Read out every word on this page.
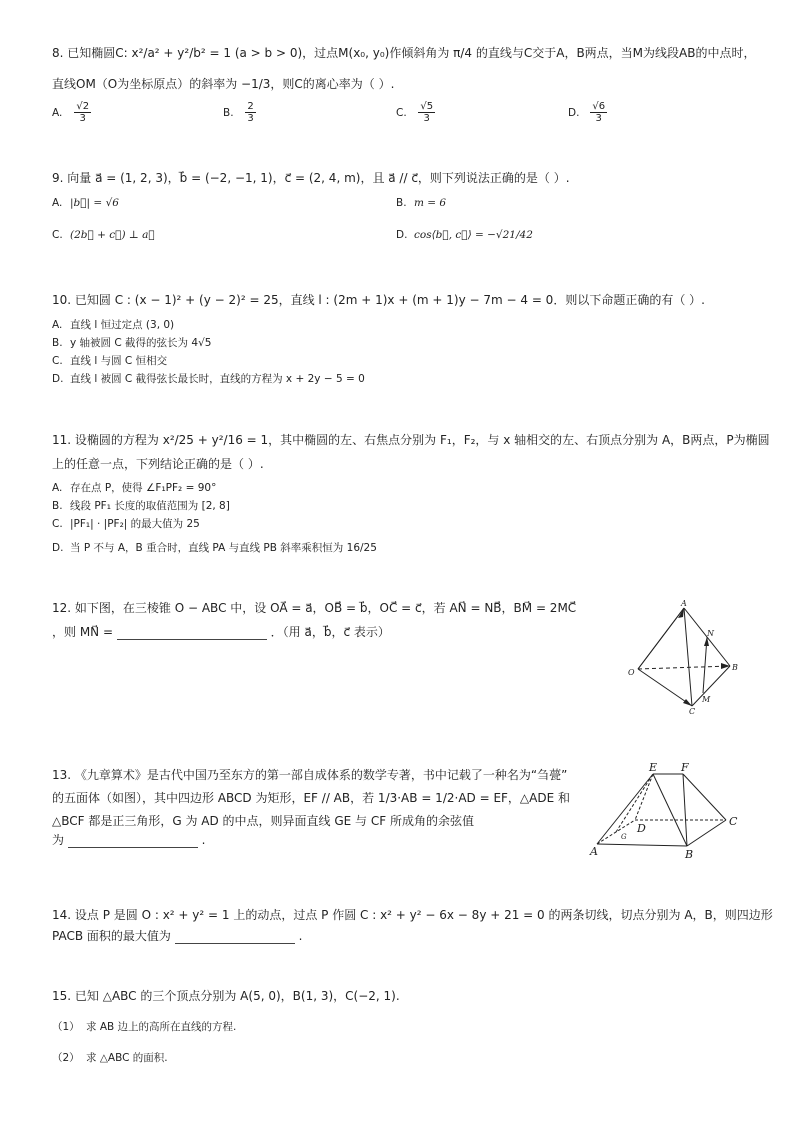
8. 已知椭圆C: x²/a² + y²/b² = 1 (a > b > 0)，过点M(x₀, y₀)作倾斜角为 π/4 的直线与C交于A，B两点，当M为线段AB的中点时，
直线OM（O为坐标原点）的斜率为 −1/3，则C的离心率为（ ）.
A. $\frac{√2}{3}$	B. $\frac{2}{3}$	C. $\frac{√5}{3}$	D. $\frac{√6}{3}$
9. 向量 a⃗ = (1, 2, 3)，b⃗ = (−2, −1, 1)，c⃗ = (2, 4, m)，且 a⃗ // c⃗，则下列说法正确的是（ ）.
A. |b⃗| = √6	B. m = 6
C. (2b⃗ + c⃗) ⊥ a⃗	D. cos⟨b⃗, c⃗⟩ = −√21/42
10. 已知圆 C : (x − 1)² + (y − 2)² = 25，直线 l : (2m + 1)x + (m + 1)y − 7m − 4 = 0．则以下命题正确的有（ ）.
A. 直线 l 恒过定点 (3, 0)
B. y 轴被圆 C 截得的弦长为 4√5
C. 直线 l 与圆 C 恒相交
D. 直线 l 被圆 C 截得弦长最长时，直线的方程为 x + 2y − 5 = 0
11. 设椭圆的方程为 x²/25 + y²/16 = 1，其中椭圆的左、右焦点分别为 F₁，F₂，与 x 轴相交的左、右顶点分别为 A，B两点，P为椭圆
上的任意一点，下列结论正确的是（ ）.
A. 存在点 P，使得 ∠F₁PF₂ = 90°
B. 线段 PF₁ 长度的取值范围为 [2, 8]
C. |PF₁| · |PF₂| 的最大值为 25
D. 当 P 不与 A，B 重合时，直线 PA 与直线 PB 斜率乘积恒为 16/25
12. 如下图，在三棱锥 O − ABC 中，设 OA⃗ = a⃗，OB⃗ = b⃗，OC⃗ = c⃗，若 AN⃗ = NB⃗，BM⃗ = 2MC⃗
，则 MN⃗ =	．（用 a⃗，b⃗，c⃗ 表示）
A
N
O
B
M
C
13. 《九章算术》是古代中国乃至东方的第一部自成体系的数学专著，书中记载了一种名为“刍甍”
的五面体（如图），其中四边形 ABCD 为矩形，EF // AB，若 1/3·AB = 1/2·AD = EF，△ADE 和
△BCF 都是正三角形，G 为 AD 的中点，则异面直线 GE 与 CF 所成角的余弦值
为	.
E F
D
C
G
A	B
14. 设点 P 是圆 O : x² + y² = 1 上的动点，过点 P 作圆 C : x² + y² − 6x − 8y + 21 = 0 的两条切线，切点分别为 A，B，则四边形
PACB 面积的最大值为	.
15. 已知 △ABC 的三个顶点分别为 A(5, 0)，B(1, 3)，C(−2, 1).
（1） 求 AB 边上的高所在直线的方程.
（2） 求 △ABC 的面积.
